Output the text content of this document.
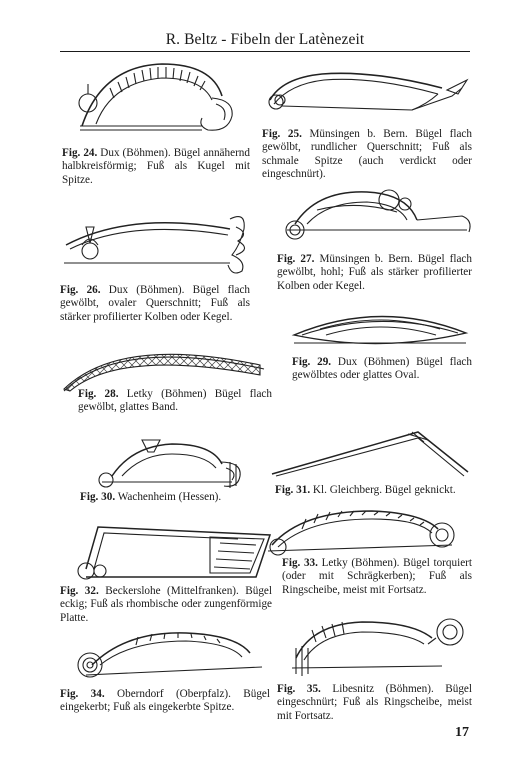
R. Beltz - Fibeln der Latènezeit

Fig. 24. Dux (Böhmen). Bügel annähernd halbkreisförmig; Fuß als Kugel mit Spitze.

Fig. 25. Münsingen b. Bern. Bügel flach gewölbt, rundlicher Querschnitt; Fuß als schmale Spitze (auch verdickt oder eingeschnürt).

Fig. 26. Dux (Böhmen). Bügel flach gewölbt, ovaler Querschnitt; Fuß als stärker profilierter Kolben oder Kegel.

Fig. 27. Münsingen b. Bern. Bügel flach gewölbt, hohl; Fuß als stärker profilierter Kolben oder Kegel.

Fig. 28. Letky (Böhmen) Bügel flach gewölbt, glattes Band.

Fig. 29. Dux (Böhmen) Bügel flach gewölbtes oder glattes Oval.

Fig. 30. Wachenheim (Hessen).

Fig. 31. Kl. Gleichberg. Bügel geknickt.

Fig. 32. Beckerslohe (Mittelfranken). Bügel eckig; Fuß als rhombische oder zungenförmige Platte.

Fig. 33. Letky (Böhmen). Bügel torquiert (oder mit Schrägkerben); Fuß als Ringscheibe, meist mit Fortsatz.

Fig. 34. Oberndorf (Oberpfalz). Bügel eingekerbt; Fuß als eingekerbte Spitze.

Fig. 35. Libesnitz (Böhmen). Bügel eingeschnürt; Fuß als Ringscheibe, meist mit Fortsatz.

17
